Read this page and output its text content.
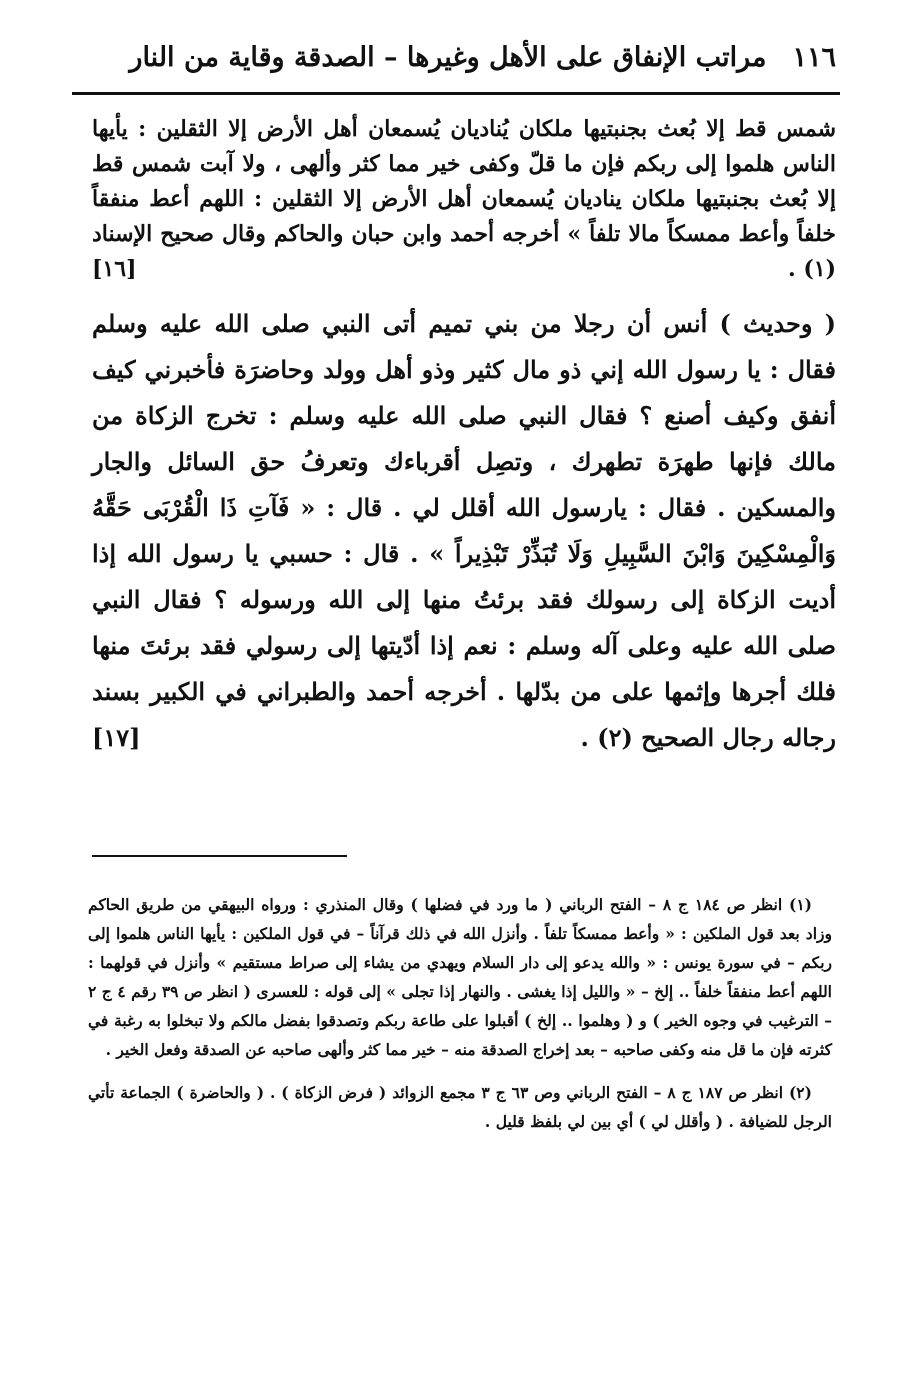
١١٦
مراتب الإنفاق على الأهل وغيرها – الصدقة وقاية من النار

شمس قط إلا بُعث بجنبتيها ملكان يُناديان يُسمعان أهل الأرض إلا الثقلين : يأيها الناس هلموا إلى ربكم فإن ما قلّ وكفى خير مما كثر وألهى ، ولا آبت شمس قط إلا بُعث بجنبتيها ملكان يناديان يُسمعان أهل الأرض إلا الثقلين : اللهم أعط منفقاً خلفاً وأعط ممسكاً مالا تلفاً » أخرجه أحمد وابن حبان والحاكم وقال صحيح الإسناد (١) .
[١٦]

( وحديث ) أنس أن رجلا من بني تميم أتى النبي صلى الله عليه وسلم فقال : يا رسول الله إني ذو مال كثير وذو أهل وولد وحاضرَة فأخبرني كيف أنفق وكيف أصنع ؟ فقال النبي صلى الله عليه وسلم : تخرج الزكاة من مالك فإنها طهرَة تطهرك ، وتصِل أقرباءك وتعرفُ حق السائل والجار والمسكين . فقال : يارسول الله أقلل لي . قال : « فَآتِ ذَا الْقُرْبَى حَقَّهُ وَالْمِسْكِينَ وَابْنَ السَّبِيلِ وَلَا تُبَذِّرْ تَبْذِيراً » . قال : حسبي يا رسول الله إذا أديت الزكاة إلى رسولك فقد برئتُ منها إلى الله ورسوله ؟ فقال النبي صلى الله عليه وعلى آله وسلم : نعم إذا أدّيتها إلى رسولي فقد برئتَ منها فلك أجرها وإثمها على من بدّلها . أخرجه أحمد والطبراني في الكبير بسند رجاله رجال الصحيح (٢) .
[١٧]

(١) انظر ص ١٨٤ ج ٨ – الفتح الرباني ( ما ورد في فضلها ) وقال المنذري : ورواه البيهقي من طريق الحاكم وزاد بعد قول الملكين : « وأعط ممسكاً تلفاً . وأنزل الله في ذلك قرآناً – في قول الملكين : يأيها الناس هلموا إلى ربكم – في سورة يونس : « والله يدعو إلى دار السلام ويهدي من يشاء إلى صراط مستقيم » وأنزل في قولهما : اللهم أعط منفقاً خلفاً .. إلخ – « والليل إذا يغشى . والنهار إذا تجلى » إلى قوله : للعسرى ( انظر ص ٣٩ رقم ٤ ج ٢ – الترغيب في وجوه الخير ) و ( وهلموا .. إلخ ) أقبلوا على طاعة ربكم وتصدقوا بفضل مالكم ولا تبخلوا به رغبة في كثرته فإن ما قل منه وكفى صاحبه – بعد إخراج الصدقة منه – خير مما كثر وألهى صاحبه عن الصدقة وفعل الخير .

(٢) انظر ص ١٨٧ ج ٨ – الفتح الرباني وص ٦٣ ج ٣ مجمع الزوائد ( فرض الزكاة ) . ( والحاضرة ) الجماعة تأتي الرجل للضيافة . ( وأقلل لي ) أي بين لي بلفظ قليل .
